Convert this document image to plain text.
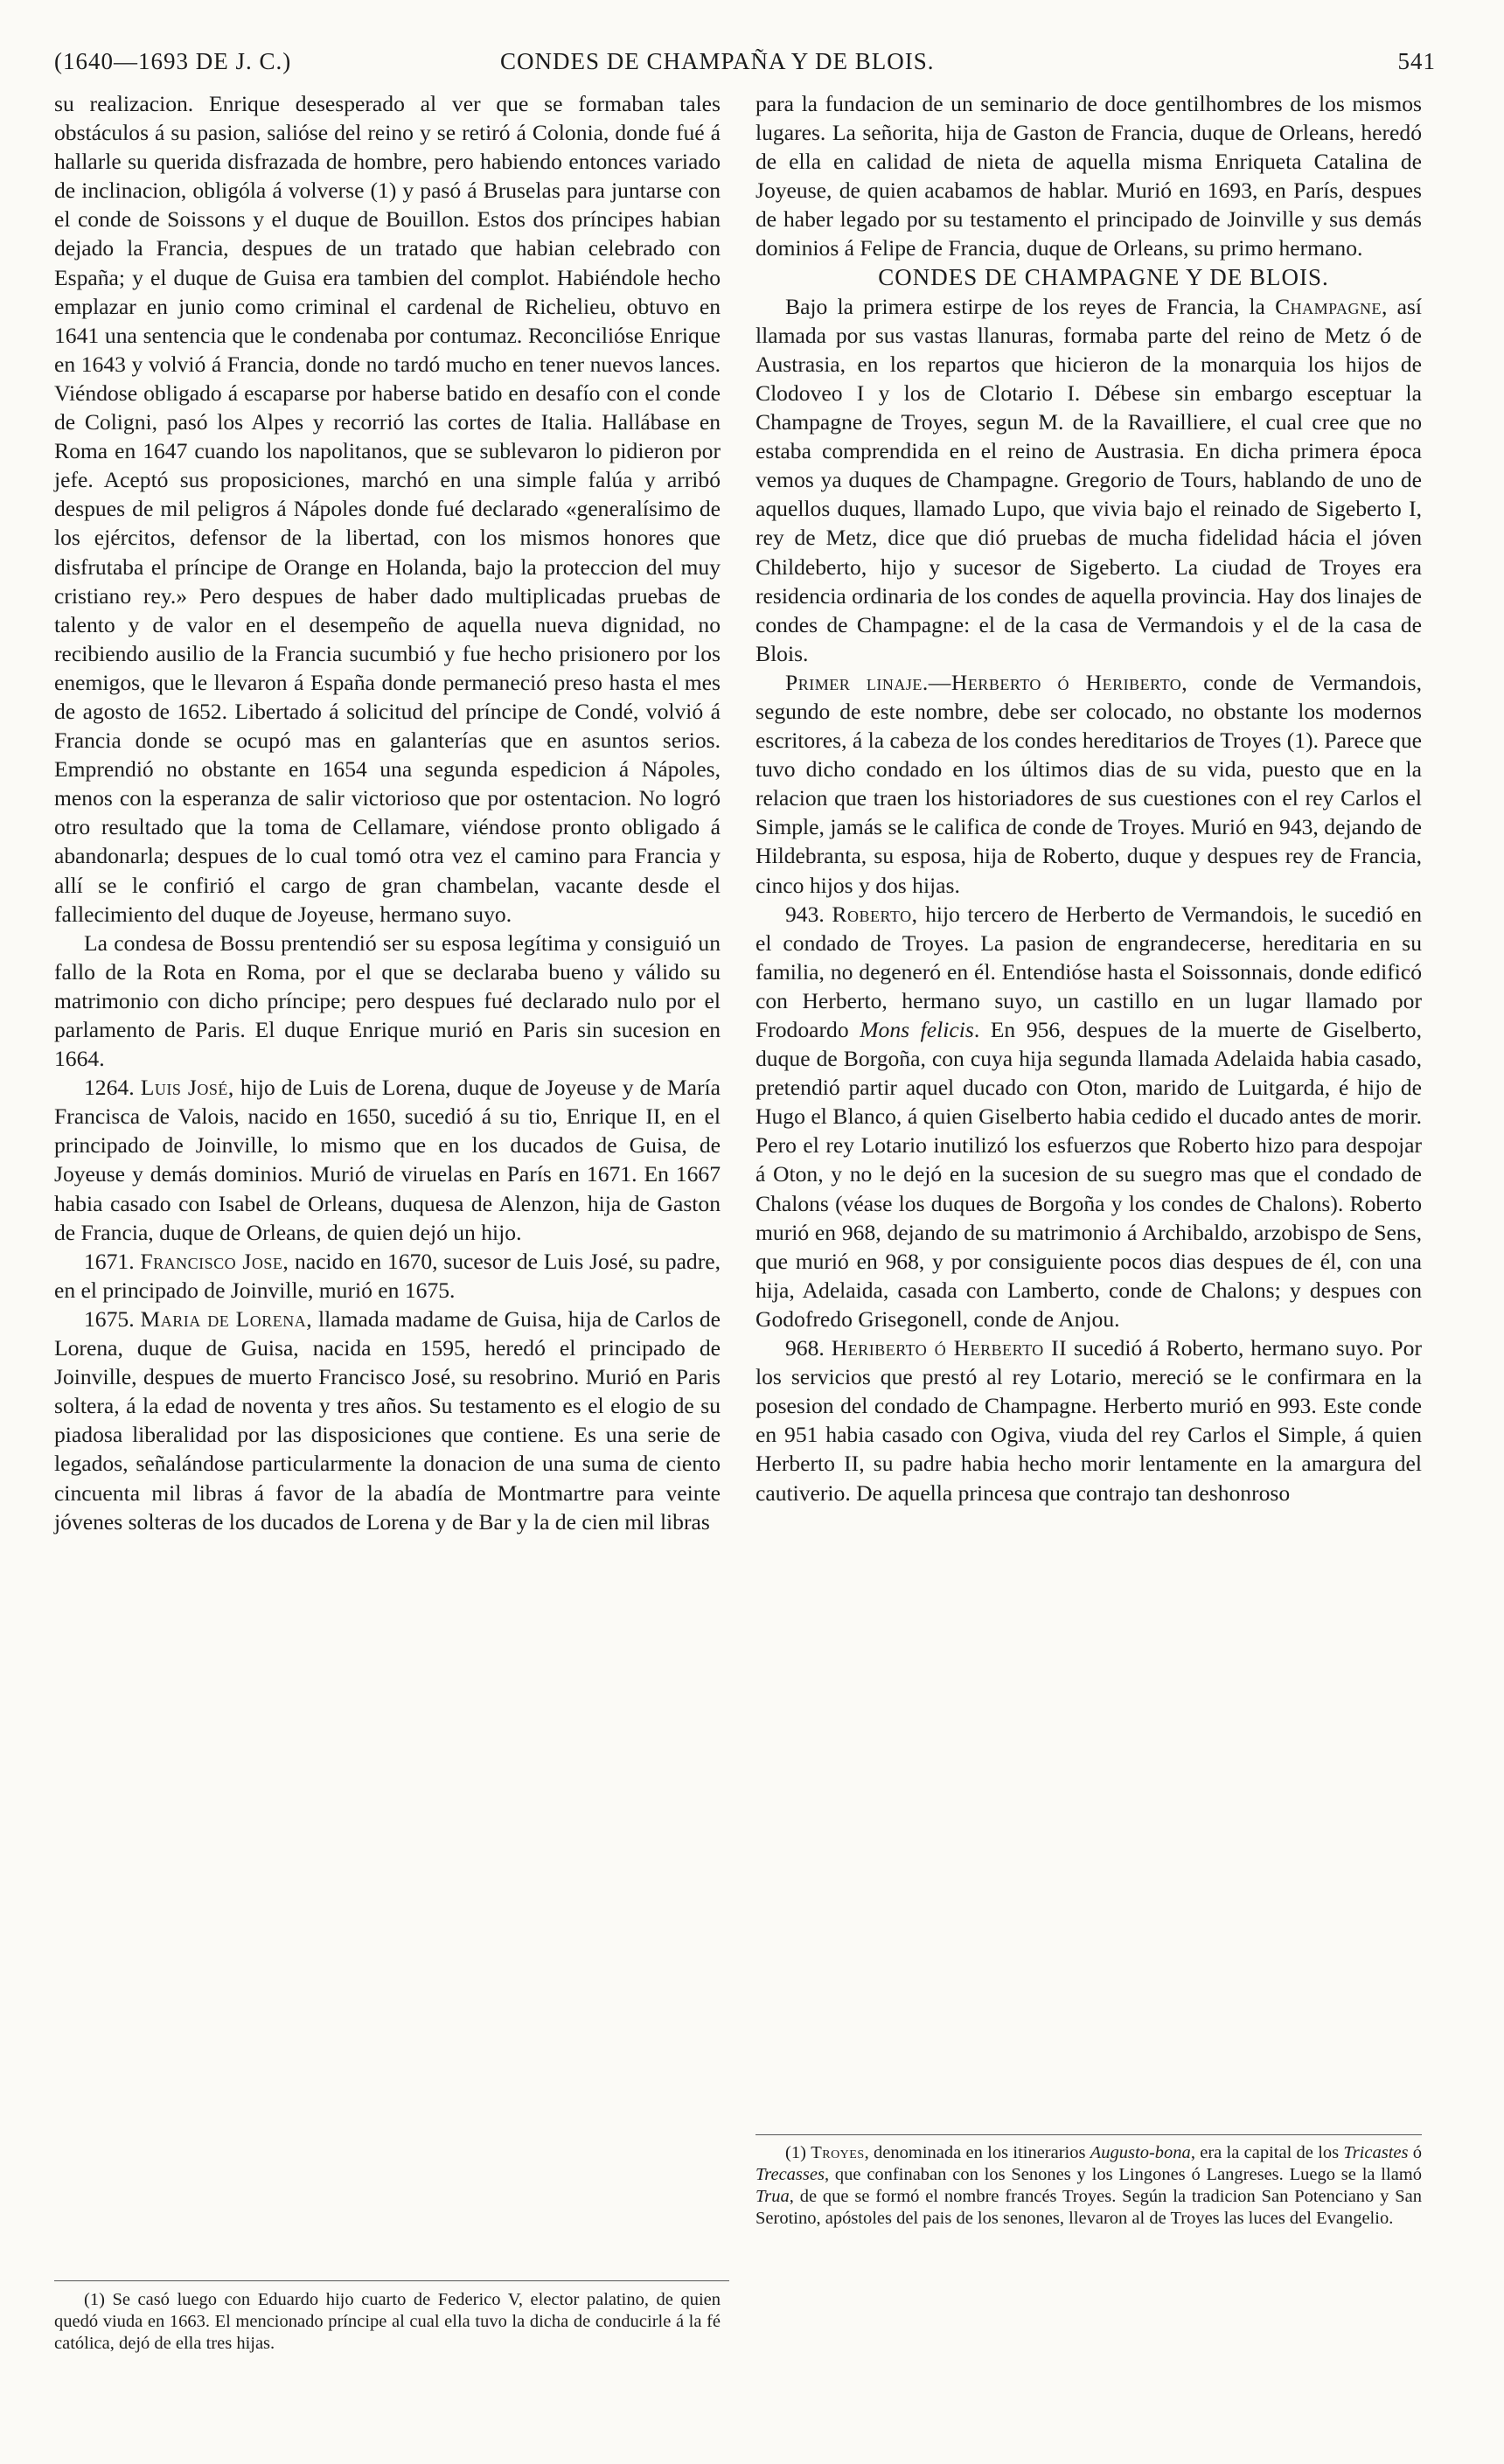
(1640—1693 DE J. C.)	CONDES DE CHAMPAÑA Y DE BLOIS.	541

su realizacion. Enrique desesperado al ver que se formaban tales obstáculos á su pasion, salióse del reino y se retiró á Colonia, donde fué á hallarle su querida disfrazada de hombre, pero habiendo entonces variado de inclinacion, obligóla á volverse (1) y pasó á Bruselas para juntarse con el conde de Soissons y el duque de Bouillon. Estos dos príncipes habian dejado la Francia, despues de un tratado que habian celebrado con España; y el duque de Guisa era tambien del complot. Habiéndole hecho emplazar en junio como criminal el cardenal de Richelieu, obtuvo en 1641 una sentencia que le condenaba por contumaz. Reconcilióse Enrique en 1643 y volvió á Francia, donde no tardó mucho en tener nuevos lances. Viéndose obligado á escaparse por haberse batido en desafío con el conde de Coligni, pasó los Alpes y recorrió las cortes de Italia. Hallábase en Roma en 1647 cuando los napolitanos, que se sublevaron lo pidieron por jefe. Aceptó sus proposiciones, marchó en una simple falúa y arribó despues de mil peligros á Nápoles donde fué declarado «generalísimo de los ejércitos, defensor de la libertad, con los mismos honores que disfrutaba el príncipe de Orange en Holanda, bajo la proteccion del muy cristiano rey.» Pero despues de haber dado multiplicadas pruebas de talento y de valor en el desempeño de aquella nueva dignidad, no recibiendo ausilio de la Francia sucumbió y fue hecho prisionero por los enemigos, que le llevaron á España donde permaneció preso hasta el mes de agosto de 1652. Libertado á solicitud del príncipe de Condé, volvió á Francia donde se ocupó mas en galanterías que en asuntos serios. Emprendió no obstante en 1654 una segunda espedicion á Nápoles, menos con la esperanza de salir victorioso que por ostentacion. No logró otro resultado que la toma de Cellamare, viéndose pronto obligado á abandonarla; despues de lo cual tomó otra vez el camino para Francia y allí se le confirió el cargo de gran chambelan, vacante desde el fallecimiento del duque de Joyeuse, hermano suyo.

La condesa de Bossu prentendió ser su esposa legítima y consiguió un fallo de la Rota en Roma, por el que se declaraba bueno y válido su matrimonio con dicho príncipe; pero despues fué declarado nulo por el parlamento de Paris. El duque Enrique murió en Paris sin sucesion en 1664.

1264. Luis José, hijo de Luis de Lorena, duque de Joyeuse y de María Francisca de Valois, nacido en 1650, sucedió á su tio, Enrique II, en el principado de Joinville, lo mismo que en los ducados de Guisa, de Joyeuse y demás dominios. Murió de viruelas en París en 1671. En 1667 habia casado con Isabel de Orleans, duquesa de Alenzon, hija de Gaston de Francia, duque de Orleans, de quien dejó un hijo.

1671. Francisco Jose, nacido en 1670, sucesor de Luis José, su padre, en el principado de Joinville, murió en 1675.

1675. Maria de Lorena, llamada madame de Guisa, hija de Carlos de Lorena, duque de Guisa, nacida en 1595, heredó el principado de Joinville, despues de muerto Francisco José, su resobrino. Murió en Paris soltera, á la edad de noventa y tres años. Su testamento es el elogio de su piadosa liberalidad por las disposiciones que contiene. Es una serie de legados, señalándose particularmente la donacion de una suma de ciento cincuenta mil libras á favor de la abadía de Montmartre para veinte jóvenes solteras de los ducados de Lorena y de Bar y la de cien mil libras

(1) Se casó luego con Eduardo hijo cuarto de Federico V, elector palatino, de quien quedó viuda en 1663. El mencionado príncipe al cual ella tuvo la dicha de conducirle á la fé católica, dejó de ella tres hijas.

para la fundacion de un seminario de doce gentilhombres de los mismos lugares. La señorita, hija de Gaston de Francia, duque de Orleans, heredó de ella en calidad de nieta de aquella misma Enriqueta Catalina de Joyeuse, de quien acabamos de hablar. Murió en 1693, en París, despues de haber legado por su testamento el principado de Joinville y sus demás dominios á Felipe de Francia, duque de Orleans, su primo hermano.

CONDES DE CHAMPAGNE Y DE BLOIS.

Bajo la primera estirpe de los reyes de Francia, la Champagne, así llamada por sus vastas llanuras, formaba parte del reino de Metz ó de Austrasia, en los repartos que hicieron de la monarquia los hijos de Clodoveo I y los de Clotario I. Débese sin embargo esceptuar la Champagne de Troyes, segun M. de la Ravailliere, el cual cree que no estaba comprendida en el reino de Austrasia. En dicha primera época vemos ya duques de Champagne. Gregorio de Tours, hablando de uno de aquellos duques, llamado Lupo, que vivia bajo el reinado de Sigeberto I, rey de Metz, dice que dió pruebas de mucha fidelidad hácia el jóven Childeberto, hijo y sucesor de Sigeberto. La ciudad de Troyes era residencia ordinaria de los condes de aquella provincia. Hay dos linajes de condes de Champagne: el de la casa de Vermandois y el de la casa de Blois.

Primer linaje.—Herberto ó Heriberto, conde de Vermandois, segundo de este nombre, debe ser colocado, no obstante los modernos escritores, á la cabeza de los condes hereditarios de Troyes (1). Parece que tuvo dicho condado en los últimos dias de su vida, puesto que en la relacion que traen los historiadores de sus cuestiones con el rey Carlos el Simple, jamás se le califica de conde de Troyes. Murió en 943, dejando de Hildebranta, su esposa, hija de Roberto, duque y despues rey de Francia, cinco hijos y dos hijas.

943. Roberto, hijo tercero de Herberto de Vermandois, le sucedió en el condado de Troyes. La pasion de engrandecerse, hereditaria en su familia, no degeneró en él. Entendióse hasta el Soissonnais, donde edificó con Herberto, hermano suyo, un castillo en un lugar llamado por Frodoardo Mons felicis. En 956, despues de la muerte de Giselberto, duque de Borgoña, con cuya hija segunda llamada Adelaida habia casado, pretendió partir aquel ducado con Oton, marido de Luitgarda, é hijo de Hugo el Blanco, á quien Giselberto habia cedido el ducado antes de morir. Pero el rey Lotario inutilizó los esfuerzos que Roberto hizo para despojar á Oton, y no le dejó en la sucesion de su suegro mas que el condado de Chalons (véase los duques de Borgoña y los condes de Chalons). Roberto murió en 968, dejando de su matrimonio á Archibaldo, arzobispo de Sens, que murió en 968, y por consiguiente pocos dias despues de él, con una hija, Adelaida, casada con Lamberto, conde de Chalons; y despues con Godofredo Grisegonell, conde de Anjou.

968. Heriberto ó Herberto II sucedió á Roberto, hermano suyo. Por los servicios que prestó al rey Lotario, mereció se le confirmara en la posesion del condado de Champagne. Herberto murió en 993. Este conde en 951 habia casado con Ogiva, viuda del rey Carlos el Simple, á quien Herberto II, su padre habia hecho morir lentamente en la amargura del cautiverio. De aquella princesa que contrajo tan deshonroso

(1) Troyes, denominada en los itinerarios Augusto-bona, era la capital de los Tricastes ó Trecasses, que confinaban con los Senones y los Lingones ó Langreses. Luego se la llamó Trua, de que se formó el nombre francés Troyes. Según la tradicion San Potenciano y San Serotino, apóstoles del pais de los senones, llevaron al de Troyes las luces del Evangelio.
